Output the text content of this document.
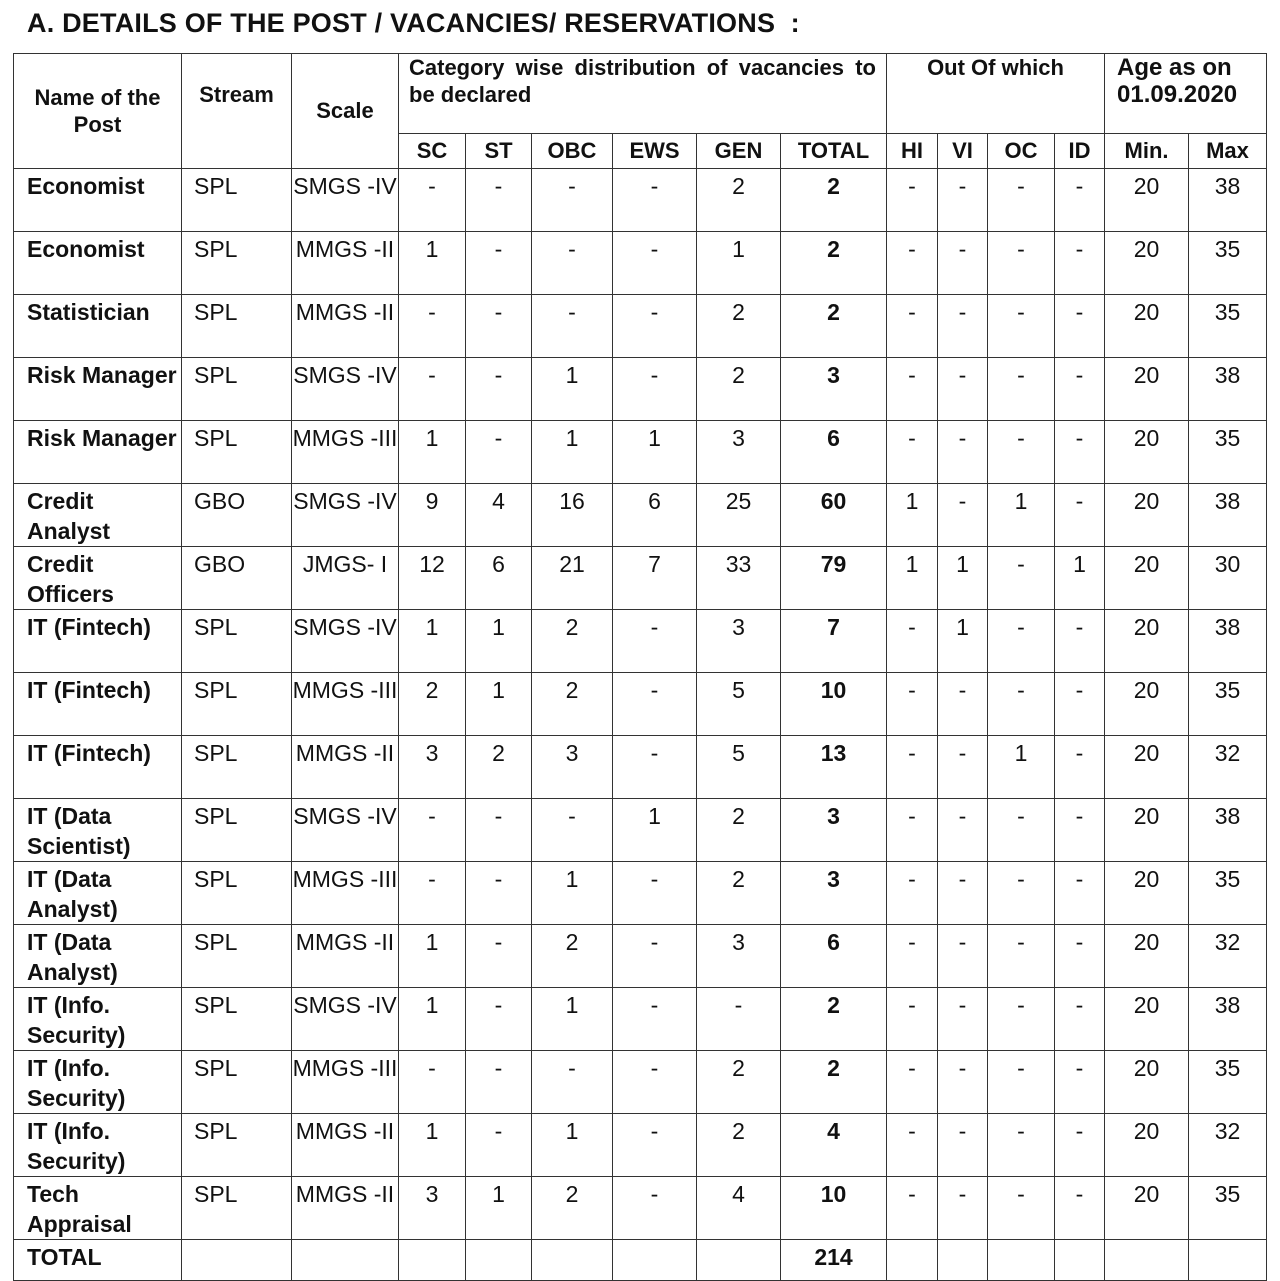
A. DETAILS OF THE POST / VACANCIES/ RESERVATIONS  :
Name of the Post	Stream	Scale	Category wise distribution of vacancies to be declared						Out Of which				Age as on
01.09.2020	
			SC	ST	OBC	EWS	GEN	TOTAL	HI	VI	OC	ID	Min.	Max
Economist	SPL	SMGS -IV	-	-	-	-	2	2	-	-	-	-	20	38
Economist	SPL	MMGS -II	1	-	-	-	1	2	-	-	-	-	20	35
Statistician	SPL	MMGS -II	-	-	-	-	2	2	-	-	-	-	20	35
Risk Manager	SPL	SMGS -IV	-	-	1	-	2	3	-	-	-	-	20	38
Risk Manager	SPL	MMGS -III	1	-	1	1	3	6	-	-	-	-	20	35
Credit Analyst	GBO	SMGS -IV	9	4	16	6	25	60	1	-	1	-	20	38
Credit Officers	GBO	JMGS- I	12	6	21	7	33	79	1	1	-	1	20	30
IT (Fintech)	SPL	SMGS -IV	1	1	2	-	3	7	-	1	-	-	20	38
IT (Fintech)	SPL	MMGS -III	2	1	2	-	5	10	-	-	-	-	20	35
IT (Fintech)	SPL	MMGS -II	3	2	3	-	5	13	-	-	1	-	20	32
IT (Data Scientist)	SPL	SMGS -IV	-	-	-	1	2	3	-	-	-	-	20	38
IT (Data Analyst)	SPL	MMGS -III	-	-	1	-	2	3	-	-	-	-	20	35
IT (Data Analyst)	SPL	MMGS -II	1	-	2	-	3	6	-	-	-	-	20	32
IT (Info. Security)	SPL	SMGS -IV	1	-	1	-	-	2	-	-	-	-	20	38
IT (Info. Security)	SPL	MMGS -III	-	-	-	-	2	2	-	-	-	-	20	35
IT (Info. Security)	SPL	MMGS -II	1	-	1	-	2	4	-	-	-	-	20	32
Tech Appraisal	SPL	MMGS -II	3	1	2	-	4	10	-	-	-	-	20	35
TOTAL								214						
